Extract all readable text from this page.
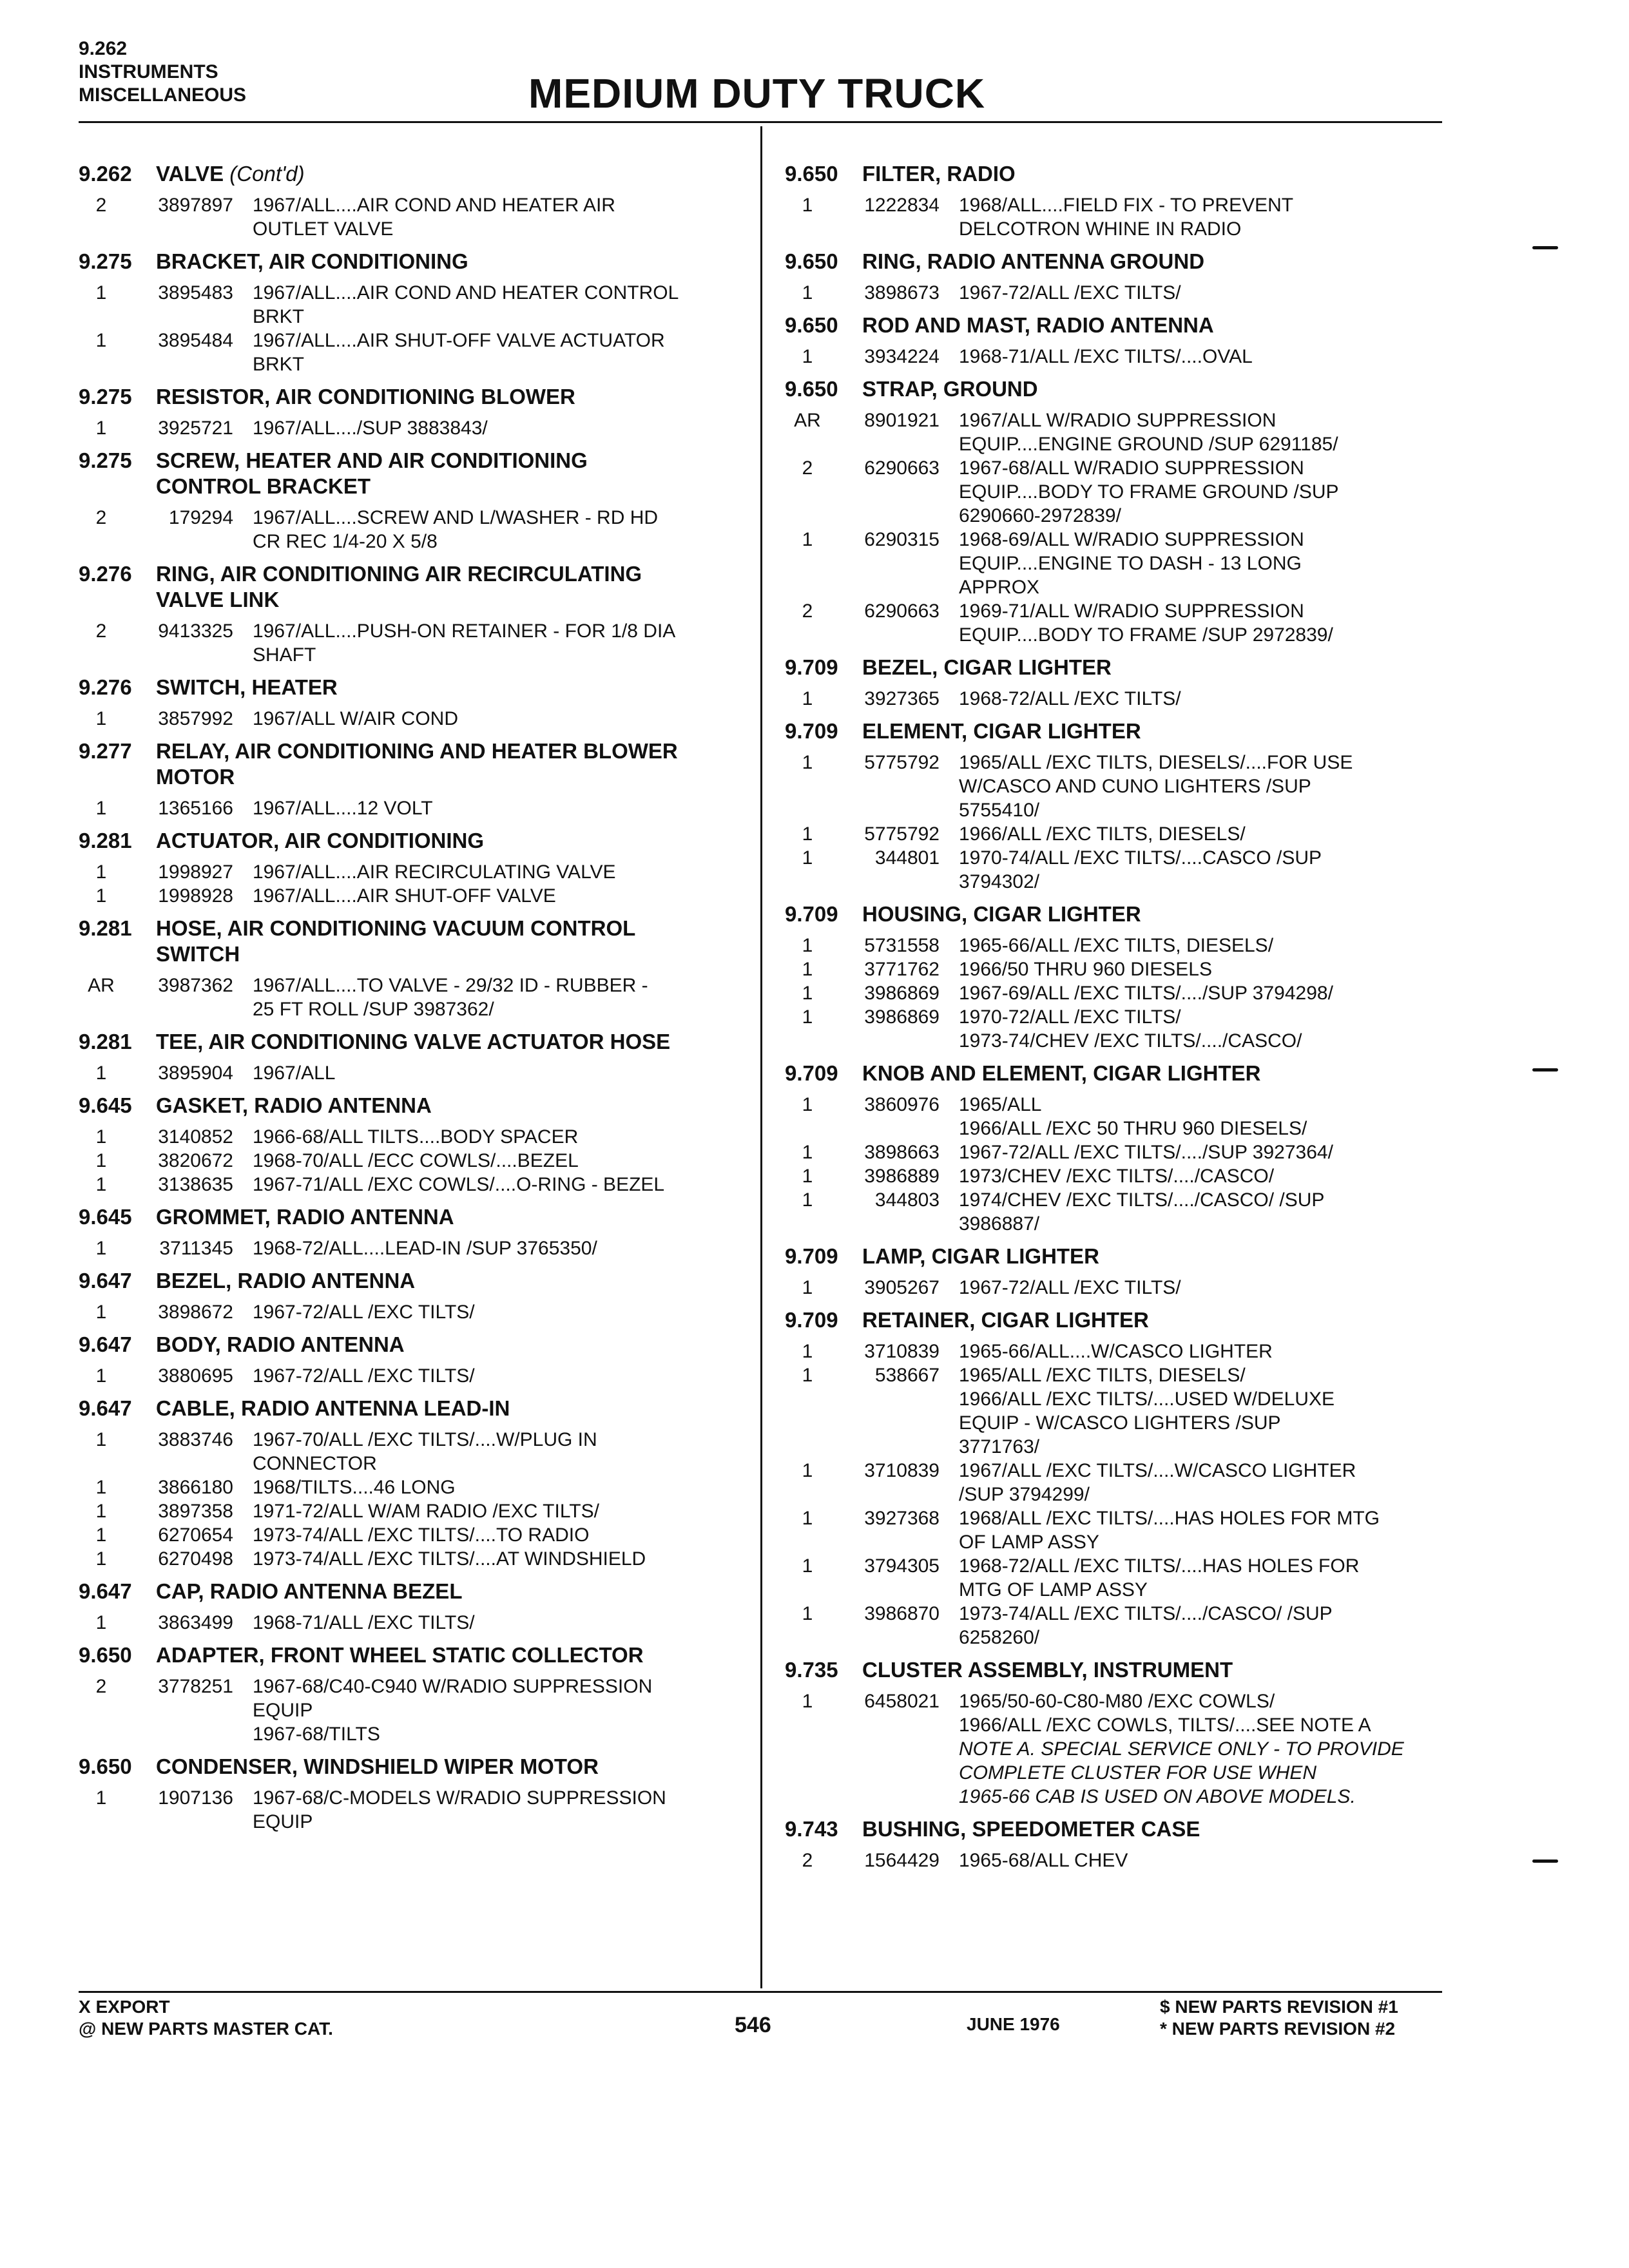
9.262
INSTRUMENTS
MISCELLANEOUS	MEDIUM DUTY TRUCK
9.262	VALVE (Cont'd)
2	3897897	1967/ALL....AIR COND AND HEATER AIR
OUTLET VALVE
9.275	BRACKET, AIR CONDITIONING
1	3895483	1967/ALL....AIR COND AND HEATER CONTROL
BRKT
1	3895484	1967/ALL....AIR SHUT-OFF VALVE ACTUATOR
BRKT
9.275	RESISTOR, AIR CONDITIONING BLOWER
1	3925721	1967/ALL..../SUP 3883843/
9.275	SCREW, HEATER AND AIR CONDITIONING
CONTROL BRACKET
2	179294	1967/ALL....SCREW AND L/WASHER - RD HD
CR REC 1/4-20 X 5/8
9.276	RING, AIR CONDITIONING AIR RECIRCULATING
VALVE LINK
2	9413325	1967/ALL....PUSH-ON RETAINER - FOR 1/8 DIA
SHAFT
9.276	SWITCH, HEATER
1	3857992	1967/ALL W/AIR COND
9.277	RELAY, AIR CONDITIONING AND HEATER BLOWER
MOTOR
1	1365166	1967/ALL....12 VOLT
9.281	ACTUATOR, AIR CONDITIONING
1	1998927	1967/ALL....AIR RECIRCULATING VALVE
1	1998928	1967/ALL....AIR SHUT-OFF VALVE
9.281	HOSE, AIR CONDITIONING VACUUM CONTROL
SWITCH
AR	3987362	1967/ALL....TO VALVE - 29/32 ID - RUBBER -
25 FT ROLL /SUP 3987362/
9.281	TEE, AIR CONDITIONING VALVE ACTUATOR HOSE
1	3895904	1967/ALL
9.645	GASKET, RADIO ANTENNA
1	3140852	1966-68/ALL TILTS....BODY SPACER
1	3820672	1968-70/ALL /ECC COWLS/....BEZEL
1	3138635	1967-71/ALL /EXC COWLS/....O-RING - BEZEL
9.645	GROMMET, RADIO ANTENNA
1	3711345	1968-72/ALL....LEAD-IN /SUP 3765350/
9.647	BEZEL, RADIO ANTENNA
1	3898672	1967-72/ALL /EXC TILTS/
9.647	BODY, RADIO ANTENNA
1	3880695	1967-72/ALL /EXC TILTS/
9.647	CABLE, RADIO ANTENNA LEAD-IN
1	3883746	1967-70/ALL /EXC TILTS/....W/PLUG IN
CONNECTOR
1	3866180	1968/TILTS....46 LONG
1	3897358	1971-72/ALL W/AM RADIO /EXC TILTS/
1	6270654	1973-74/ALL /EXC TILTS/....TO RADIO
1	6270498	1973-74/ALL /EXC TILTS/....AT WINDSHIELD
9.647	CAP, RADIO ANTENNA BEZEL
1	3863499	1968-71/ALL /EXC TILTS/
9.650	ADAPTER, FRONT WHEEL STATIC COLLECTOR
2	3778251	1967-68/C40-C940 W/RADIO SUPPRESSION
EQUIP
1967-68/TILTS
9.650	CONDENSER, WINDSHIELD WIPER MOTOR
1	1907136	1967-68/C-MODELS W/RADIO SUPPRESSION
EQUIP
9.650	FILTER, RADIO
1	1222834	1968/ALL....FIELD FIX - TO PREVENT
DELCOTRON WHINE IN RADIO
9.650	RING, RADIO ANTENNA GROUND
1	3898673	1967-72/ALL /EXC TILTS/
9.650	ROD AND MAST, RADIO ANTENNA
1	3934224	1968-71/ALL /EXC TILTS/....OVAL
9.650	STRAP, GROUND
AR	8901921	1967/ALL W/RADIO SUPPRESSION
EQUIP....ENGINE GROUND /SUP 6291185/
2	6290663	1967-68/ALL W/RADIO SUPPRESSION
EQUIP....BODY TO FRAME GROUND /SUP
6290660-2972839/
1	6290315	1968-69/ALL W/RADIO SUPPRESSION
EQUIP....ENGINE TO DASH - 13 LONG
APPROX
2	6290663	1969-71/ALL W/RADIO SUPPRESSION
EQUIP....BODY TO FRAME /SUP 2972839/
9.709	BEZEL, CIGAR LIGHTER
1	3927365	1968-72/ALL /EXC TILTS/
9.709	ELEMENT, CIGAR LIGHTER
1	5775792	1965/ALL /EXC TILTS, DIESELS/....FOR USE
W/CASCO AND CUNO LIGHTERS /SUP
5755410/
1	5775792	1966/ALL /EXC TILTS, DIESELS/
1	344801	1970-74/ALL /EXC TILTS/....CASCO /SUP
3794302/
9.709	HOUSING, CIGAR LIGHTER
1	5731558	1965-66/ALL /EXC TILTS, DIESELS/
1	3771762	1966/50 THRU 960 DIESELS
1	3986869	1967-69/ALL /EXC TILTS/..../SUP 3794298/
1	3986869	1970-72/ALL /EXC TILTS/
1973-74/CHEV /EXC TILTS/..../CASCO/
9.709	KNOB AND ELEMENT, CIGAR LIGHTER
1	3860976	1965/ALL
1966/ALL /EXC 50 THRU 960 DIESELS/
1	3898663	1967-72/ALL /EXC TILTS/..../SUP 3927364/
1	3986889	1973/CHEV /EXC TILTS/..../CASCO/
1	344803	1974/CHEV /EXC TILTS/..../CASCO/ /SUP
3986887/
9.709	LAMP, CIGAR LIGHTER
1	3905267	1967-72/ALL /EXC TILTS/
9.709	RETAINER, CIGAR LIGHTER
1	3710839	1965-66/ALL....W/CASCO LIGHTER
1	538667	1965/ALL /EXC TILTS, DIESELS/
1966/ALL /EXC TILTS/....USED W/DELUXE
EQUIP - W/CASCO LIGHTERS /SUP
3771763/
1	3710839	1967/ALL /EXC TILTS/....W/CASCO LIGHTER
/SUP 3794299/
1	3927368	1968/ALL /EXC TILTS/....HAS HOLES FOR MTG
OF LAMP ASSY
1	3794305	1968-72/ALL /EXC TILTS/....HAS HOLES FOR
MTG OF LAMP ASSY
1	3986870	1973-74/ALL /EXC TILTS/..../CASCO/ /SUP
6258260/
9.735	CLUSTER ASSEMBLY, INSTRUMENT
1	6458021	1965/50-60-C80-M80 /EXC COWLS/
1966/ALL /EXC COWLS, TILTS/....SEE NOTE A
NOTE A. SPECIAL SERVICE ONLY - TO PROVIDE
COMPLETE CLUSTER FOR USE WHEN
1965-66 CAB IS USED ON ABOVE MODELS.
9.743	BUSHING, SPEEDOMETER CASE
2	1564429	1965-68/ALL CHEV
X EXPORT
@ NEW PARTS MASTER CAT.	546	JUNE 1976
$ NEW PARTS REVISION #1
* NEW PARTS REVISION #2
